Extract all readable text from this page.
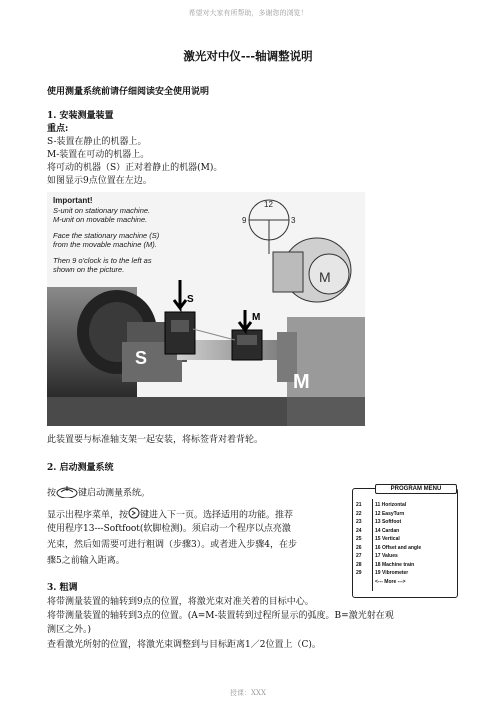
希望对大家有所帮助，多谢您的浏览！
激光对中仪---轴调整说明
使用测量系统前请仔细阅读安全使用说明
1. 安装测量装置
重点:
S-装置在静止的机器上。
M-装置在可动的机器上。
将可动的机器（S）正对着静止的机器(M)。
如图显示9点位置在左边。
12
3
9
M
S
M
S
M
Important!
S-unit on stationary machine.
M-unit on movable machine.
Face the stationary machine (S)
from the movable machine (M).
Then 9 o'clock is to the left as
shown on the picture.
此装置要与标准轴支架一起安装，将标签背对着背轮。
2. 启动测量系统
按 键启动测量系统。
显示出程序菜单，按 键进入下一页。选择适用的功能。推荐
使用程序13---Softfoot(软脚检测)。须启动一个程序以点亮激
光束，然后如需要可进行粗调（步骤3）。或者进入步骤4，在步
骤5之前输入距离。
PROGRAM MENU
21
22
23
24
25
26
27
28
29
11 Horizontal
12 EasyTurn
13 Softfoot
14 Cardan
15 Vertical
16 Offset and angle
17 Values
18 Machine train
19 Vibrometer
<--- More --->
3. 粗调
将带测量装置的轴转到9点的位置，将激光束对准关着的目标中心。
将带测量装置的轴转到3点的位置。(A=M-装置转到过程所显示的弧度。B=激光射在观
测区之外。)
查看激光所射的位置，将激光束调整到与目标距离1／2位置上（C)。
授课：XXX
